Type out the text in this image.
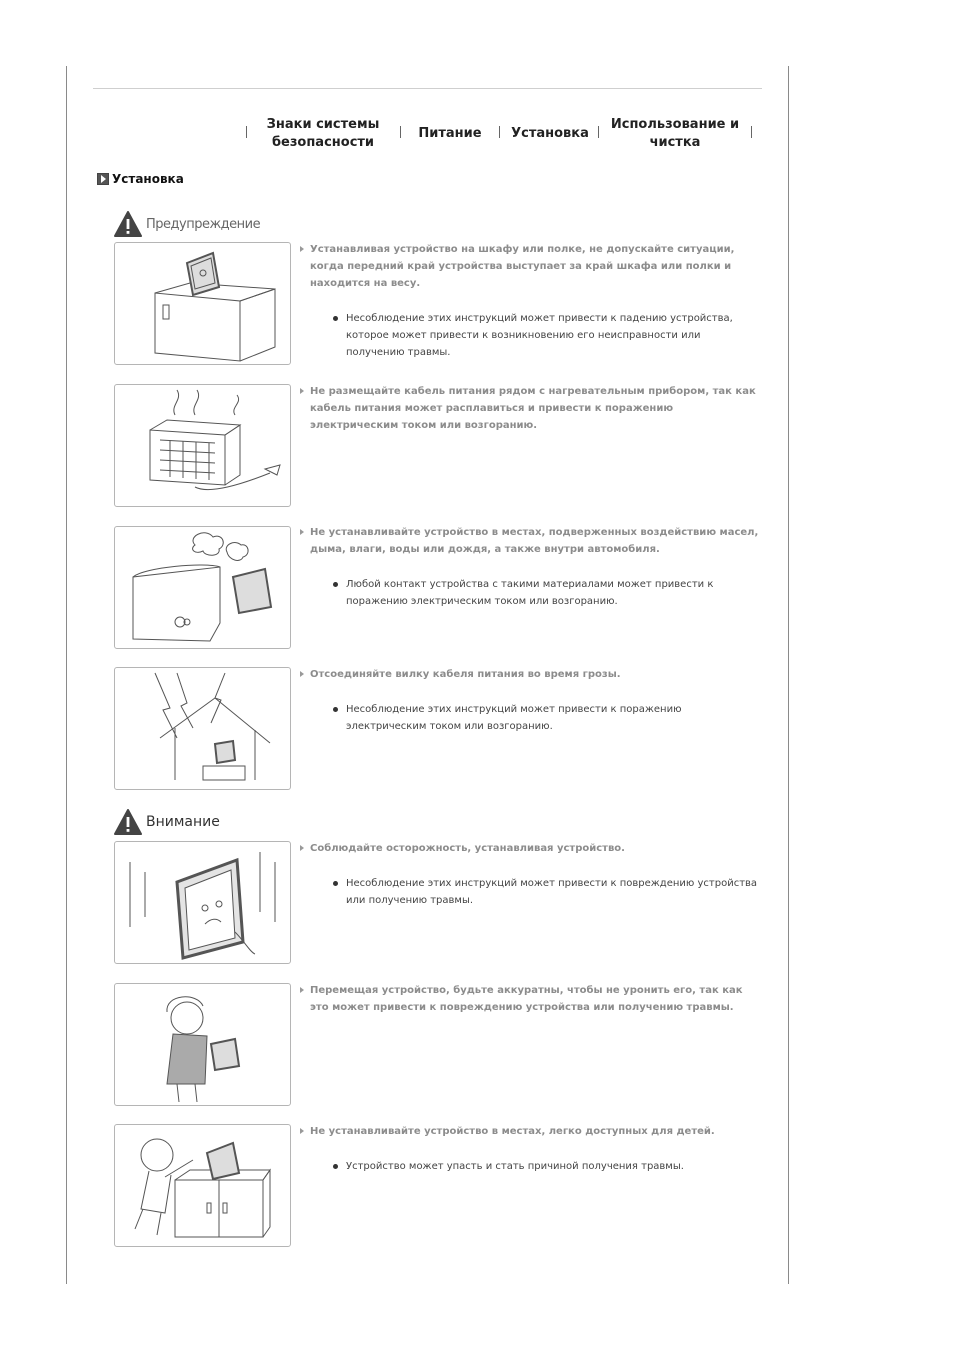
Знаки системы безопасности
Питание	Установка
Использование и чистка
Установка
Предупреждение
Внимание
Устанавливая устройство на шкафу или полке, не допускайте ситуации, когда передний край устройства выступает за край шкафа или полки и находится на весу.
Несоблюдение этих инструкций может привести к падению устройства, которое может привести к возникновению его неисправности или получению травмы.
Не размещайте кабель питания рядом с нагревательным прибором, так как кабель питания может расплавиться и привести к поражению электрическим током или возгоранию.
Не устанавливайте устройство в местах, подверженных воздействию масел, дыма, влаги, воды или дождя, а также внутри автомобиля.
Любой контакт устройства с такими материалами может привести к поражению электрическим током или возгоранию.
Отсоединяйте вилку кабеля питания во время грозы.
Несоблюдение этих инструкций может привести к поражению электрическим током или возгоранию.
Соблюдайте осторожность, устанавливая устройство.
Несоблюдение этих инструкций может привести к повреждению устройства или получению травмы.
Перемещая устройство, будьте аккуратны, чтобы не уронить его, так как это может привести к повреждению устройства или получению травмы.
Не устанавливайте устройство в местах, легко доступных для детей.
Устройство может упасть и стать причиной получения травмы.
